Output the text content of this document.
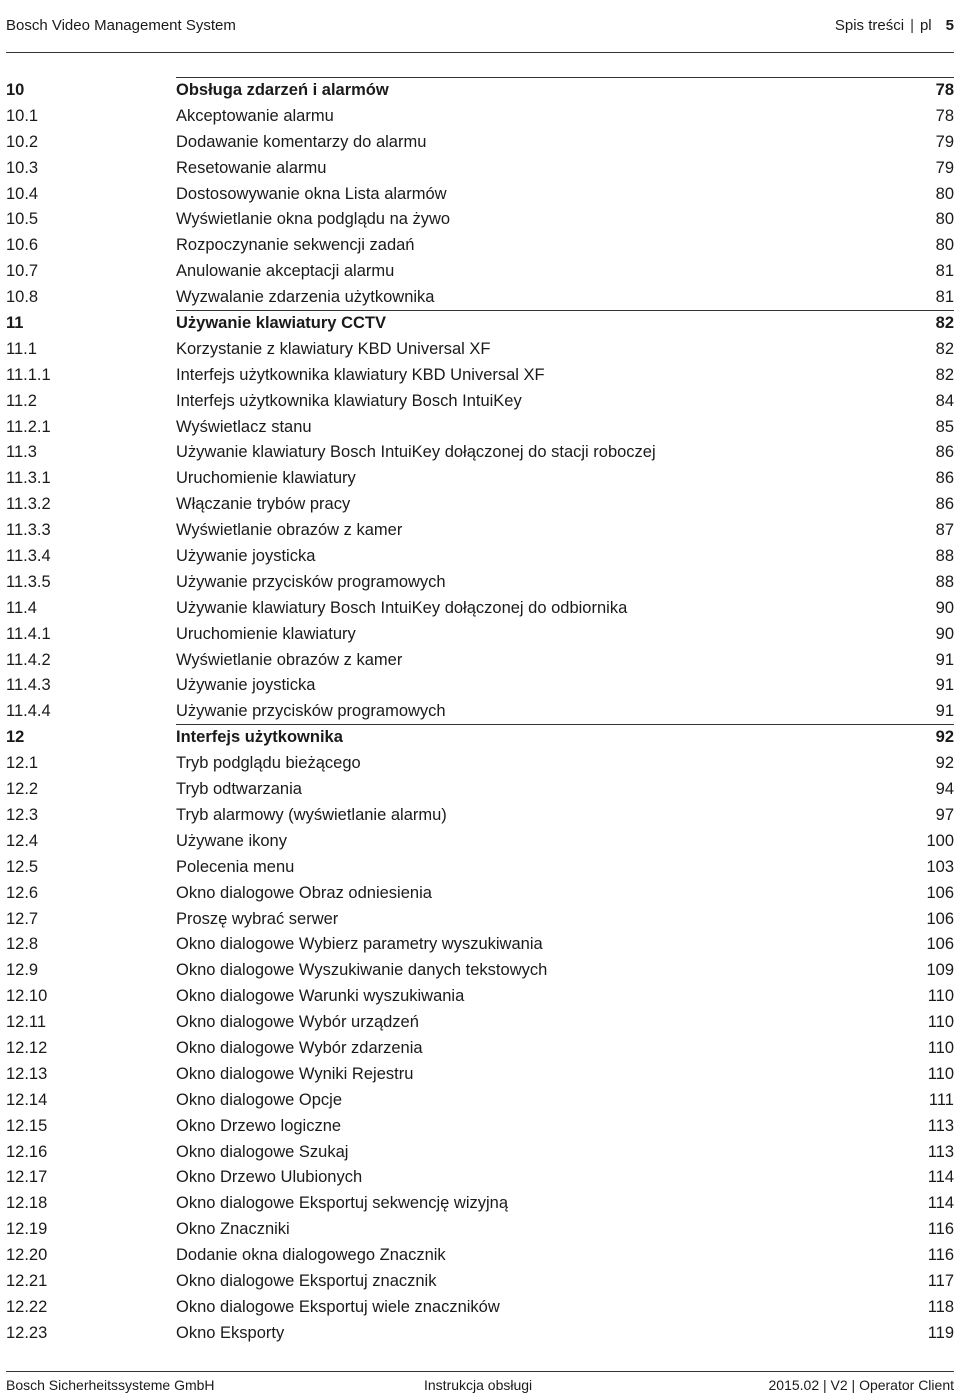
Bosch Video Management System	Spis treści | pl 5
10	Obsługa zdarzeń i alarmów	78
10.1	Akceptowanie alarmu	78
10.2	Dodawanie komentarzy do alarmu	79
10.3	Resetowanie alarmu	79
10.4	Dostosowywanie okna Lista alarmów	80
10.5	Wyświetlanie okna podglądu na żywo	80
10.6	Rozpoczynanie sekwencji zadań	80
10.7	Anulowanie akceptacji alarmu	81
10.8	Wyzwalanie zdarzenia użytkownika	81
11	Używanie klawiatury CCTV	82
11.1	Korzystanie z klawiatury KBD Universal XF	82
11.1.1	Interfejs użytkownika klawiatury KBD Universal XF	82
11.2	Interfejs użytkownika klawiatury Bosch IntuiKey	84
11.2.1	Wyświetlacz stanu	85
11.3	Używanie klawiatury Bosch IntuiKey dołączonej do stacji roboczej	86
11.3.1	Uruchomienie klawiatury	86
11.3.2	Włączanie trybów pracy	86
11.3.3	Wyświetlanie obrazów z kamer	87
11.3.4	Używanie joysticka	88
11.3.5	Używanie przycisków programowych	88
11.4	Używanie klawiatury Bosch IntuiKey dołączonej do odbiornika	90
11.4.1	Uruchomienie klawiatury	90
11.4.2	Wyświetlanie obrazów z kamer	91
11.4.3	Używanie joysticka	91
11.4.4	Używanie przycisków programowych	91
12	Interfejs użytkownika	92
12.1	Tryb podglądu bieżącego	92
12.2	Tryb odtwarzania	94
12.3	Tryb alarmowy (wyświetlanie alarmu)	97
12.4	Używane ikony	100
12.5	Polecenia menu	103
12.6	Okno dialogowe Obraz odniesienia	106
12.7	Proszę wybrać serwer	106
12.8	Okno dialogowe Wybierz parametry wyszukiwania	106
12.9	Okno dialogowe Wyszukiwanie danych tekstowych	109
12.10	Okno dialogowe Warunki wyszukiwania	110
12.11	Okno dialogowe Wybór urządzeń	110
12.12	Okno dialogowe Wybór zdarzenia	110
12.13	Okno dialogowe Wyniki Rejestru	110
12.14	Okno dialogowe Opcje	111
12.15	Okno Drzewo logiczne	113
12.16	Okno dialogowe Szukaj	113
12.17	Okno Drzewo Ulubionych	114
12.18	Okno dialogowe Eksportuj sekwencję wizyjną	114
12.19	Okno Znaczniki	116
12.20	Dodanie okna dialogowego Znacznik	116
12.21	Okno dialogowe Eksportuj znacznik	117
12.22	Okno dialogowe Eksportuj wiele znaczników	118
12.23	Okno Eksporty	119
Bosch Sicherheitssysteme GmbH	Instrukcja obsługi	2015.02 | V2 | Operator Client
